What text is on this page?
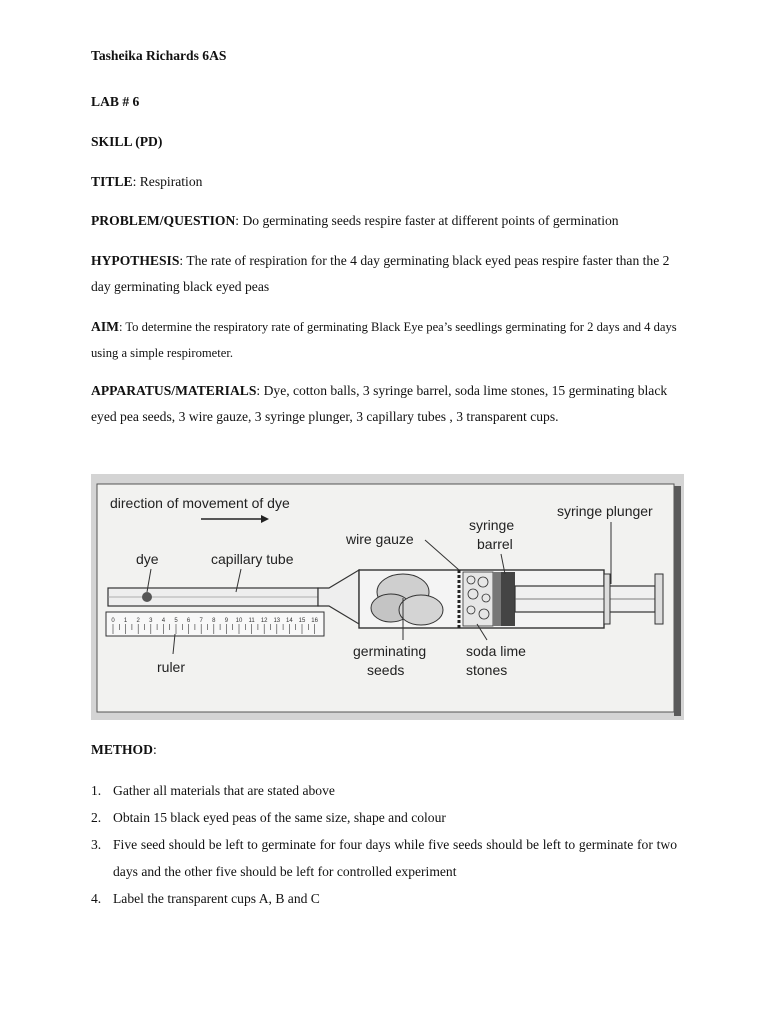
Tasheika Richards 6AS
LAB # 6
SKILL (PD)
TITLE: Respiration
PROBLEM/QUESTION: Do germinating seeds respire faster at different points of germination
HYPOTHESIS: The rate of respiration for the 4 day germinating black eyed peas respire faster than the 2 day germinating black eyed peas
AIM: To determine the respiratory rate of germinating Black Eye pea’s seedlings germinating for 2 days and 4 days using a simple respirometer.
APPARATUS/MATERIALS: Dye, cotton balls, 3 syringe barrel, soda lime stones, 15 germinating black eyed pea seeds, 3 wire gauze, 3 syringe plunger, 3 capillary tubes , 3 transparent cups.
direction of movement of dye
dye	capillary tube
0 1 2 3 4 5 6 7 8 9 10 11 12 13 14 15 16
ruler
wire gauze
syringe
barrel
syringe plunger
germinating
seeds
soda lime
stones
METHOD:
1. Gather all materials that are stated above
2. Obtain 15 black eyed peas of the same size, shape and colour
3. Five seed should be left to germinate for four days while five seeds should be left to germinate for two days and the other five should be left for controlled experiment
4. Label the transparent cups A, B and C
